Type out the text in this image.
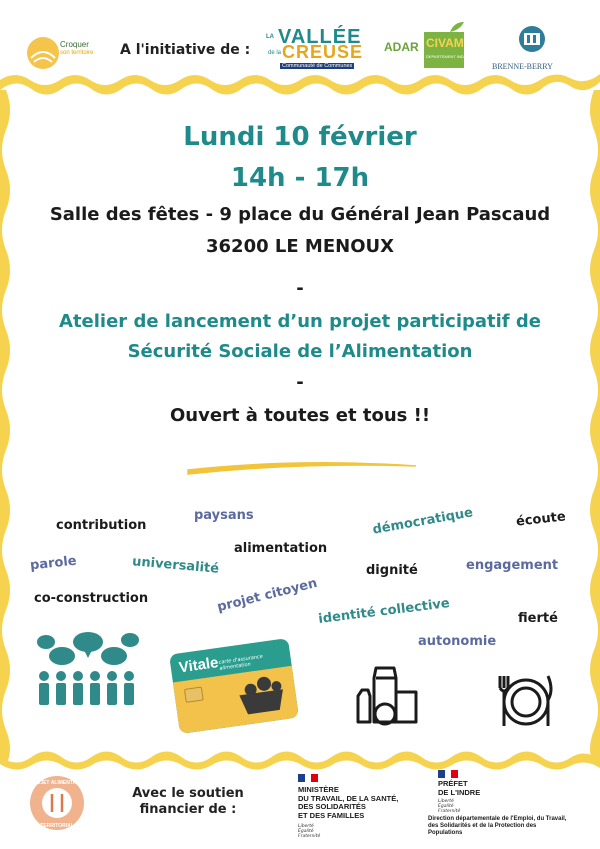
Croquer
son territoire A l'initiative de :
LA VALLÉE
de la CREUSE
Communauté de Communes
ADAR CIVAM
DEPARTEMENT INDRE
BRENNE-BERRY
Lundi 10 février
14h - 17h
Salle des fêtes - 9 place du Général Jean Pascaud
36200 LE MENOUX
-
Atelier de lancement d’un projet participatif de
Sécurité Sociale de l’Alimentation
-
Ouvert à toutes et tous !!
contribution
paysans	démocratique	écoute
parole	universalité
alimentation
dignité	engagement
co-construction	projet citoyen
identité collective	fierté
autonomie
Vitale
carte d'assurance alimentation
PROJET ALIMENTAIRE
TERRITORIAL
Avec le soutien
financier de :
MINISTÈRE
DU TRAVAIL, DE LA SANTÉ,
DES SOLIDARITÉS
ET DES FAMILLES
Liberté
Égalité
Fraternité
PRÉFET
DE L'INDRE
Liberté
Égalité
Fraternité
Direction départementale de l'Emploi, du Travail,
des Solidarités et de la Protection des
Populations
